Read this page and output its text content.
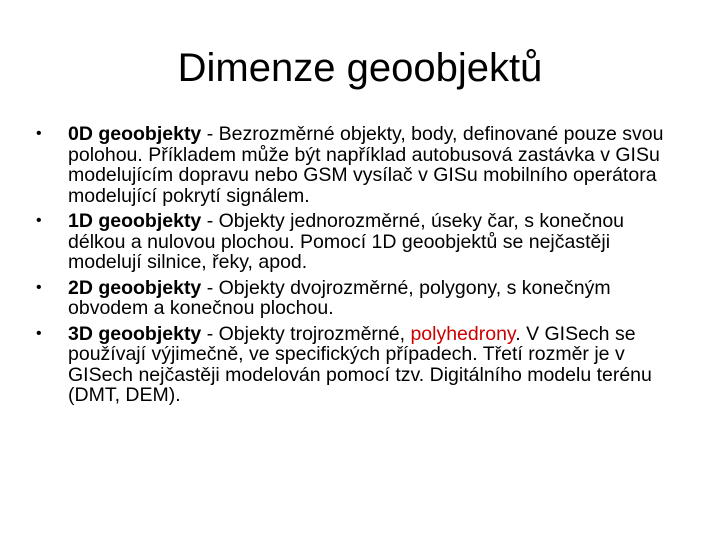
Dimenze geoobjektů
• 0D geoobjekty - Bezrozměrné objekty, body, definované pouze svou polohou. Příkladem může být například autobusová zastávka v GISu modelujícím dopravu nebo GSM vysílač v GISu mobilního operátora modelující pokrytí signálem.
• 1D geoobjekty - Objekty jednorozměrné, úseky čar, s konečnou délkou a nulovou plochou. Pomocí 1D geoobjektů se nejčastěji modelují silnice, řeky, apod.
• 2D geoobjekty - Objekty dvojrozměrné, polygony, s konečným obvodem a konečnou plochou.
• 3D geoobjekty - Objekty trojrozměrné, polyhedrony. V GISech se používají výjimečně, ve specifických případech. Třetí rozměr je v GISech nejčastěji modelován pomocí tzv. Digitálního modelu terénu (DMT, DEM).
